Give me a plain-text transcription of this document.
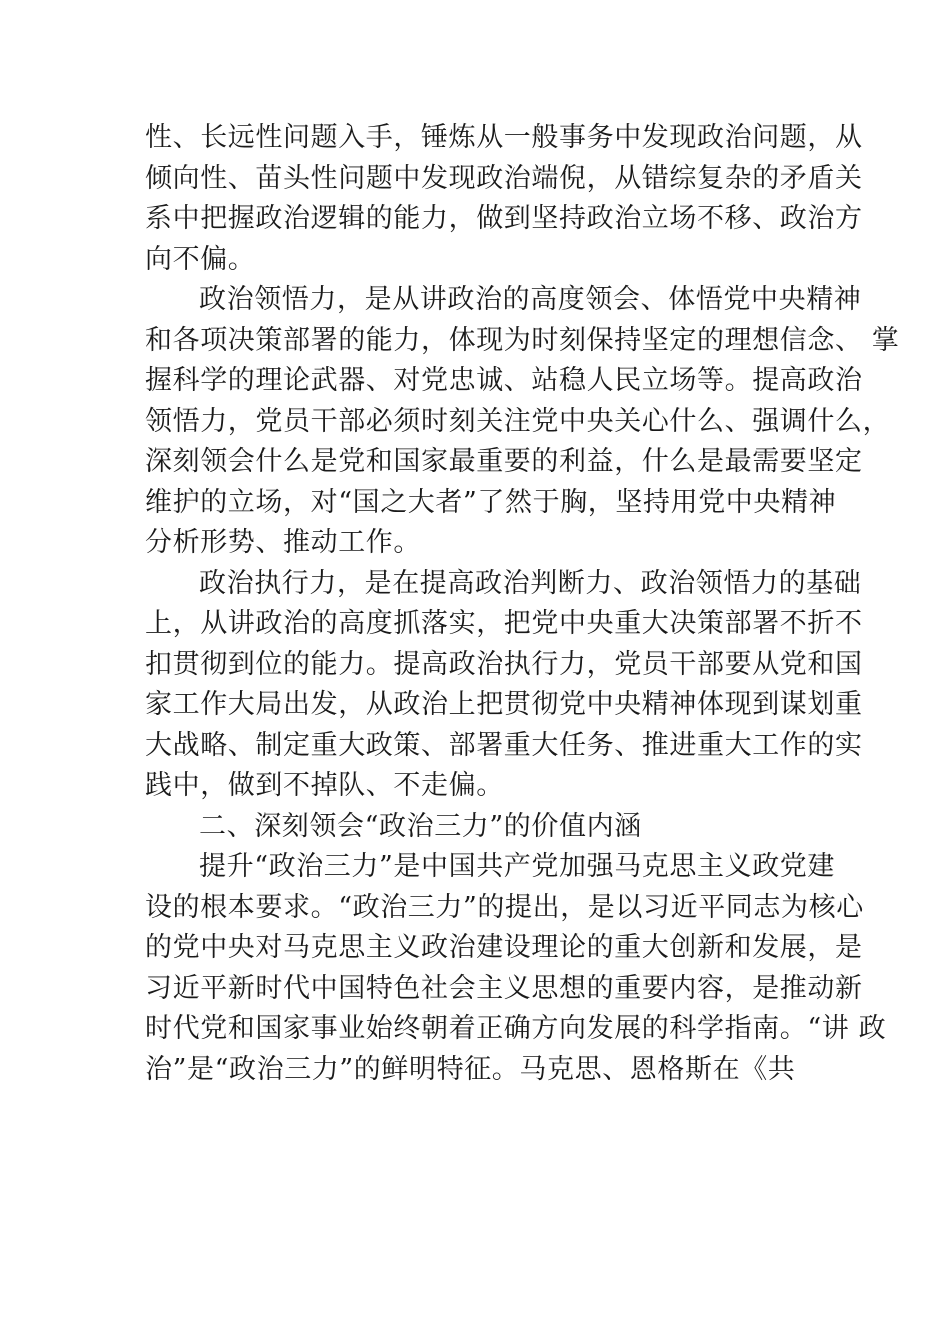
性、长远性问题入手，锤炼从一般事务中发现政治问题，从
倾向性、苗头性问题中发现政治端倪，从错综复杂的矛盾关
系中把握政治逻辑的能力，做到坚持政治立场不移、政治方
向不偏。
政治领悟力，是从讲政治的高度领会、体悟党中央精神
和各项决策部署的能力，体现为时刻保持坚定的理想信念、 掌
握科学的理论武器、对党忠诚、站稳人民立场等。提高政治
领悟力，党员干部必须时刻关注党中央关心什么、强调什么，
深刻领会什么是党和国家最重要的利益，什么是最需要坚定
维护的立场，对“国之大者”了然于胸，坚持用党中央精神
分析形势、推动工作。
政治执行力，是在提高政治判断力、政治领悟力的基础
上，从讲政治的高度抓落实，把党中央重大决策部署不折不
扣贯彻到位的能力。提高政治执行力，党员干部要从党和国
家工作大局出发，从政治上把贯彻党中央精神体现到谋划重
大战略、制定重大政策、部署重大任务、推进重大工作的实
践中，做到不掉队、不走偏。
二、深刻领会“政治三力”的价值内涵
提升“政治三力”是中国共产党加强马克思主义政党建
设的根本要求。“政治三力”的提出，是以习近平同志为核心
的党中央对马克思主义政治建设理论的重大创新和发展，是
习近平新时代中国特色社会主义思想的重要内容，是推动新
时代党和国家事业始终朝着正确方向发展的科学指南。“讲 政
治”是“政治三力”的鲜明特征。马克思、恩格斯在《共
